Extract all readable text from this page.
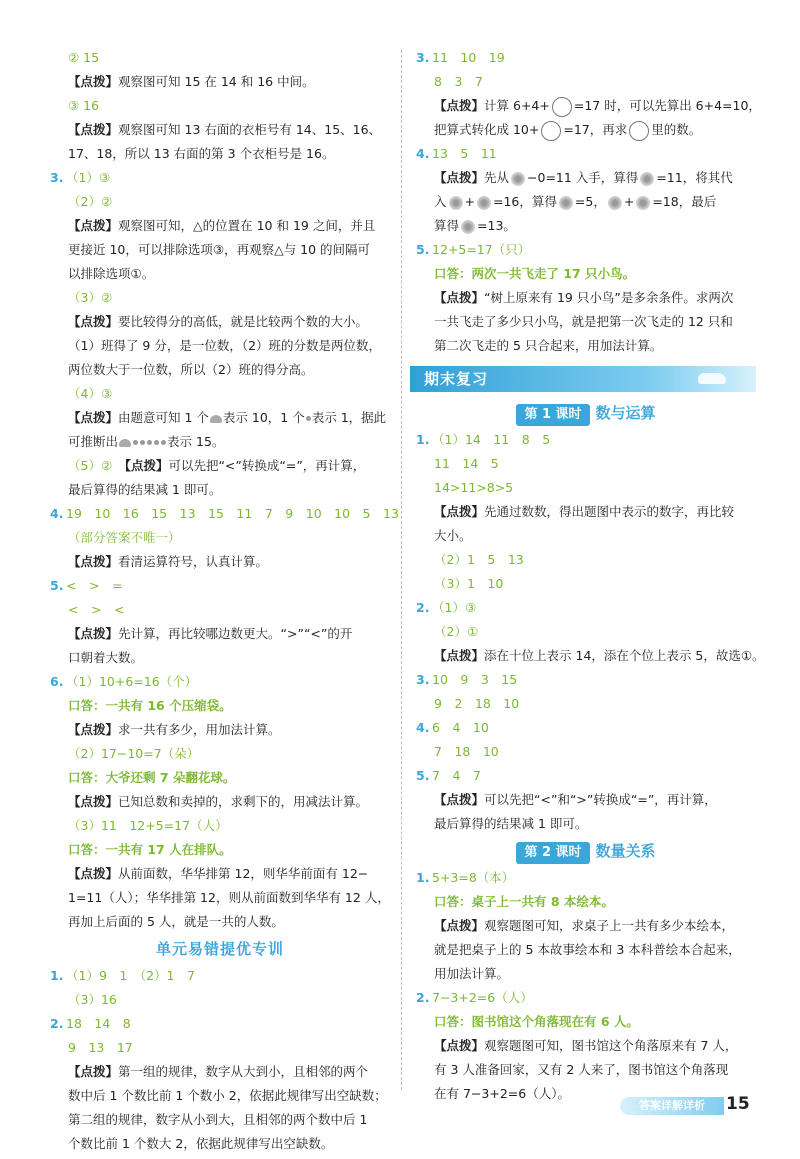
② 15
【点拨】观察图可知 15 在 14 和 16 中间。
③ 16
【点拨】观察图可知 13 右面的衣柜号有 14、15、16、
17、18，所以 13 右面的第 3 个衣柜号是 16。
3. （1）③
（2）②
【点拨】观察图可知，△的位置在 10 和 19 之间，并且
更接近 10，可以排除选项③，再观察△与 10 的间隔可
以排除选项①。
（3）②
【点拨】要比较得分的高低，就是比较两个数的大小。
（1）班得了 9 分，是一位数，（2）班的分数是两位数，
两位数大于一位数，所以（2）班的得分高。
（4）③
【点拨】由题意可知 1 个 表示 10，1 个 表示 1，据此
可推断出	表示 15。
（5）②　 【点拨】可以先把“<”转换成“=”，再计算，
最后算得的结果减 1 即可。
4. 19　10　16　15　13　15　11　7　9　10　10　5　13
（部分答案不唯一）
【点拨】看清运算符号，认真计算。
5. <　>　=
<　>　<
【点拨】先计算，再比较哪边数更大。“>”“<”的开
口朝着大数。
6. （1）10+6=16（个）
口答：一共有 16 个压缩袋。
【点拨】求一共有多少，用加法计算。
（2）17−10=7（朵）
口答：大爷还剩 7 朵翻花球。
【点拨】已知总数和卖掉的，求剩下的，用减法计算。
（3）11　12+5=17（人）
口答：一共有 17 人在排队。
【点拨】从前面数，华华排第 12，则华华前面有 12−
1=11（人）；华华排第 12，则从前面数到华华有 12 人，
再加上后面的 5 人，就是一共的人数。
单元易错提优专训
1. （1）9　1　（2）1　7
（3）16
2. 18　14　8
9　13　17
【点拨】第一组的规律，数字从大到小，且相邻的两个
数中后 1 个数比前 1 个数小 2，依据此规律写出空缺数；
第二组的规律，数字从小到大，且相邻的两个数中后 1
个数比前 1 个数大 2，依据此规律写出空缺数。
3. 11　10　19
8　3　7
【点拨】计算 6+4+ =17 时，可以先算出 6+4=10，
把算式转化成 10+ =17，再求 里的数。
4. 13　5　11
【点拨】先从 −0=11 入手，算得 =11，将其代
入 + =16，算得 =5， + =18，最后
算得 =13。
5. 12+5=17（只）
口答：两次一共飞走了 17 只小鸟。
【点拨】“树上原来有 19 只小鸟”是多余条件。求两次
一共飞走了多少只小鸟，就是把第一次飞走的 12 只和
第二次飞走的 5 只合起来，用加法计算。
期末复习
第 1 课时 数与运算
1. （1）14　11　8　5
11　14　5
14>11>8>5
【点拨】先通过数数，得出题图中表示的数字，再比较
大小。
（2）1　5　13
（3）1　10
2. （1）③
（2）①
【点拨】添在十位上表示 14，添在个位上表示 5，故选①。
3. 10　9　3　15
9　2　18　10
4. 6　4　10
7　18　10
5. 7　4　7
【点拨】可以先把“<”和“>”转换成“=”，再计算，
最后算得的结果减 1 即可。
第 2 课时 数量关系
1. 5+3=8（本）
口答：桌子上一共有 8 本绘本。
【点拨】观察题图可知，求桌子上一共有多少本绘本，
就是把桌子上的 5 本故事绘本和 3 本科普绘本合起来，
用加法计算。
2. 7−3+2=6（人）
口答：图书馆这个角落现在有 6 人。
【点拨】观察题图可知，图书馆这个角落原来有 7 人，
有 3 人准备回家，又有 2 人来了，图书馆这个角落现
在有 7−3+2=6（人）。
答案详解详析	15
